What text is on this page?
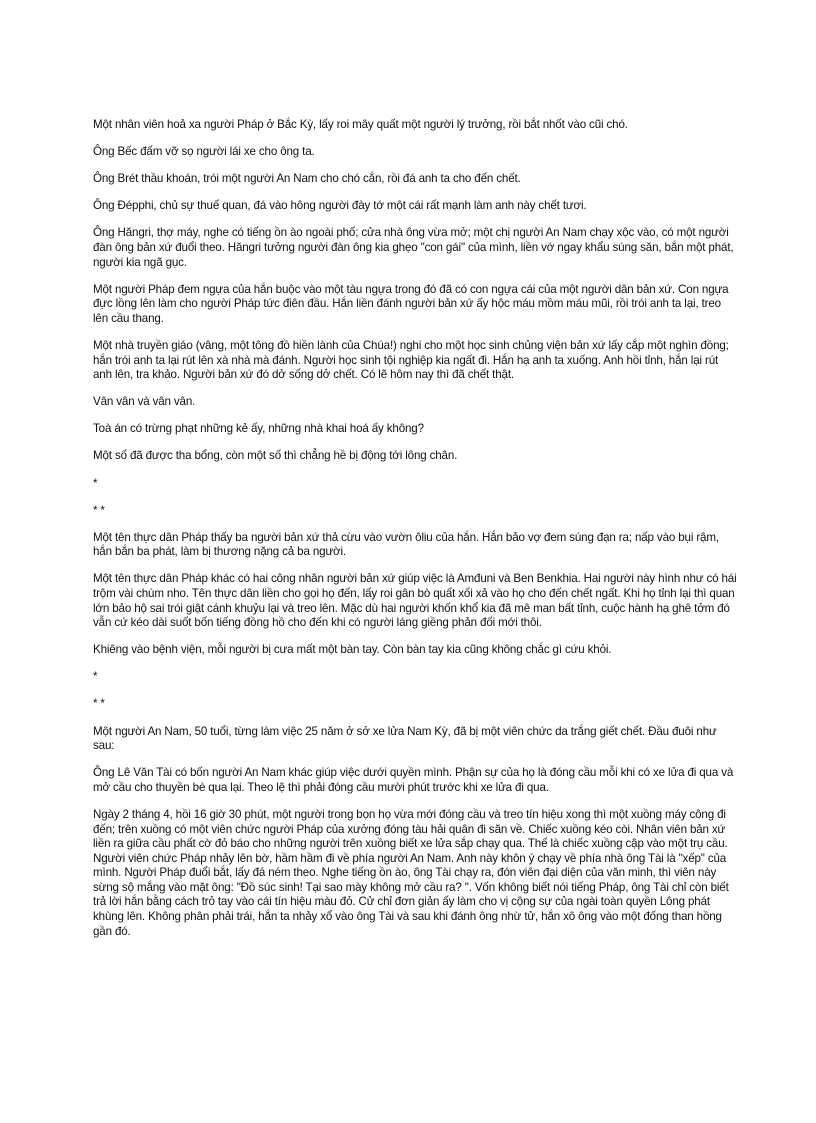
Một nhân viên hoả xa người Pháp ở Bắc Kỳ, lấy roi mây quất một người lý trưởng, rồi bắt nhốt vào cũi chó.

Ông Bếc đấm vỡ sọ người lái xe cho ông ta.

Ông Brét thầu khoán, trói một người An Nam cho chó cắn, rồi đá anh ta cho đến chết.

Ông Đépphi, chủ sự thuế quan, đá vào hông người đày tớ một cái rất mạnh làm anh này chết tươi.

Ông Hăngri, thợ máy, nghe có tiếng ồn ào ngoài phố; cửa nhà ông vừa mở; một chị người An Nam chạy xộc vào, có một người đàn ông bản xứ đuổi theo. Hăngri tưởng người đàn ông kia ghẹo "con gái" của mình, liền vớ ngay khẩu súng săn, bắn một phát, người kia ngã gục.

Một người Pháp đem ngựa của hắn buộc vào một tàu ngựa trong đó đã có con ngựa cái của một người dân bản xứ. Con ngựa đực lồng lên làm cho người Pháp tức điên đầu. Hắn liền đánh người bản xứ ấy hộc máu mồm máu mũi, rồi trói anh ta lại, treo lên cầu thang.

Một nhà truyền giáo (vâng, một tông đồ hiền lành của Chúa!) nghi cho một học sinh chủng viện bản xứ lấy cắp một nghìn đồng; hắn trói anh ta lại rút lên xà nhà mà đánh. Người học sinh tội nghiệp kia ngất đi. Hắn hạ anh ta xuống. Anh hồi tỉnh, hắn lại rút anh lên, tra khảo. Người bản xứ đó dở sống dở chết. Có lẽ hôm nay thì đã chết thật.

Vân vân và vân vân.

Toà án có trừng phạt những kẻ ấy, những nhà khai hoá ấy không?

Một số đã được tha bổng, còn một số thì chẳng hề bị động tới lông chân.

*

* *

Một tên thực dân Pháp thấy ba người bản xứ thả cừu vào vườn ôliu của hắn. Hắn bảo vợ đem súng đạn ra; nấp vào bụi rậm, hắn bắn ba phát, làm bị thương nặng cả ba người.

Một tên thực dân Pháp khác có hai công nhân người bản xứ giúp việc là Amđuni và Ben Benkhia. Hai người này hình như có hái trộm vài chùm nho. Tên thực dân liền cho gọi họ đến, lấy roi gân bò quất xối xả vào họ cho đến chết ngất. Khi họ tỉnh lại thì quan lớn bảo hộ sai trói giật cánh khuỷu lại và treo lên. Mặc dù hai người khốn khổ kia đã mê man bất tỉnh, cuộc hành hạ ghê tởm đó vẫn cứ kéo dài suốt bốn tiếng đồng hồ cho đến khi có người láng giềng phản đối mới thôi.

Khiêng vào bệnh viện, mỗi người bị cưa mất một bàn tay. Còn bàn tay kia cũng không chắc gì cứu khỏi.

*

* *

Một người An Nam, 50 tuổi, từng làm việc 25 năm ở sở xe lửa Nam Kỳ, đã bị một viên chức da trắng giết chết. Đầu đuôi như sau:

Ông Lê Văn Tài có bốn người An Nam khác giúp việc dưới quyền mình. Phận sự của họ là đóng cầu mỗi khi có xe lửa đi qua và mở cầu cho thuyền bè qua lại. Theo lệ thì phải đóng cầu mười phút trước khi xe lửa đi qua.

Ngày 2 tháng 4, hồi 16 giờ 30 phút, một người trong bọn họ vừa mới đóng cầu và treo tín hiệu xong thì một xuồng máy công đi đến; trên xuồng có một viên chức người Pháp của xưởng đóng tàu hải quân đi săn về. Chiếc xuồng kéo còi. Nhân viên bản xứ liền ra giữa cầu phất cờ đỏ báo cho những người trên xuồng biết xe lửa sắp chạy qua. Thế là chiếc xuồng cập vào một trụ cầu. Người viên chức Pháp nhảy lên bờ, hầm hầm đi về phía người An Nam. Anh này khôn ý chạy về phía nhà ông Tài là "xếp" của mình. Người Pháp đuổi bắt, lấy đá ném theo. Nghe tiếng ồn ào, ông Tài chạy ra, đón viên đại diện của văn minh, thì viên này sừng sộ mắng vào mặt ông: "Đồ súc sinh! Tại sao mày không mở cầu ra? ". Vốn không biết nói tiếng Pháp, ông Tài chỉ còn biết trả lời hắn bằng cách trỏ tay vào cái tín hiệu màu đỏ. Cử chỉ đơn giản ấy làm cho vị cộng sự của ngài toàn quyền Lông phát khùng lên. Không phân phải trái, hắn ta nhảy xổ vào ông Tài và sau khi đánh ông nhừ tử, hắn xô ông vào một đống than hồng gần đó.
